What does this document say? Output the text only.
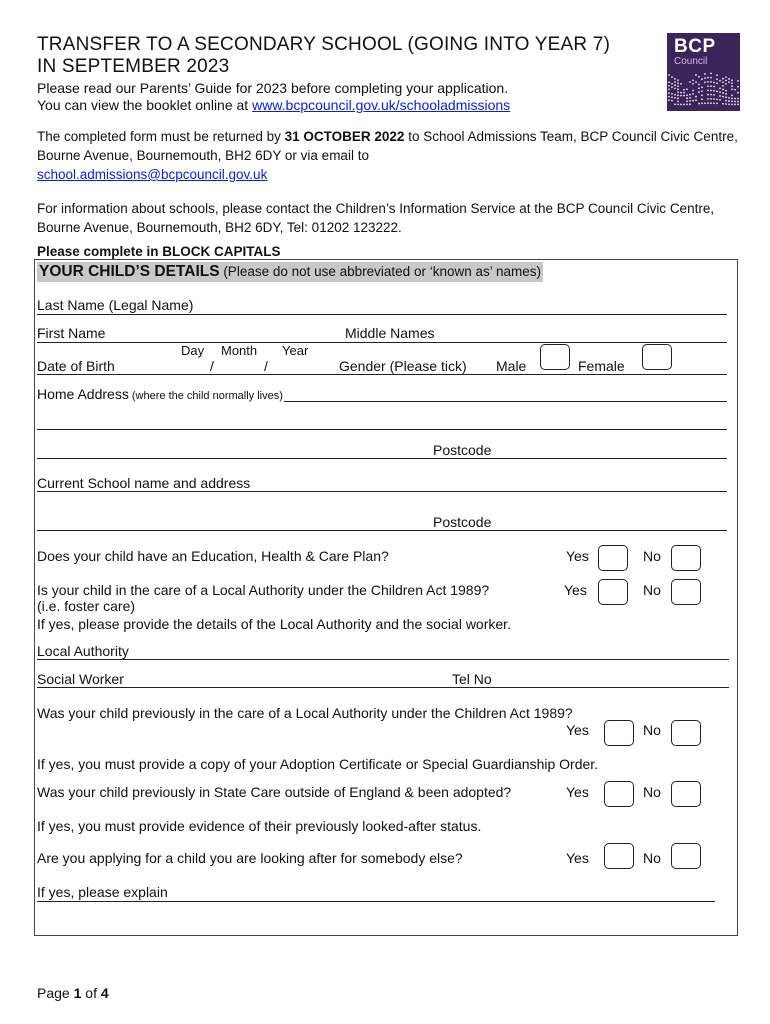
TRANSFER TO A SECONDARY SCHOOL (GOING INTO YEAR 7)
IN SEPTEMBER 2023
BCP
Council
Please read our Parents’ Guide for 2023 before completing your application.
You can view the booklet online at www.bcpcouncil.gov.uk/schooladmissions
The completed form must be returned by 31 OCTOBER 2022 to School Admissions Team, BCP Council Civic Centre, Bourne Avenue, Bournemouth, BH2 6DY or via email to
school.admissions@bcpcouncil.gov.uk
For information about schools, please contact the Children’s Information Service at the BCP Council Civic Centre, Bourne Avenue, Bournemouth, BH2 6DY, Tel: 01202 123222.
Please complete in BLOCK CAPITALS
YOUR CHILD’S DETAILS (Please do not use abbreviated or ‘known as’ names)
Last Name (Legal Name)
First Name	Middle Names
Day Month Year
Date of Birth	/	/	Gender (Please tick) Male	Female
Home Address (where the child normally lives)
Postcode
Current School name and address
Postcode
Does your child have an Education, Health & Care Plan?	Yes	No
Is your child in the care of a Local Authority under the Children Act 1989?	Yes	No
(i.e. foster care)
If yes, please provide the details of the Local Authority and the social worker.
Local Authority
Social Worker	Tel No
Was your child previously in the care of a Local Authority under the Children Act 1989?
Yes	No
If yes, you must provide a copy of your Adoption Certificate or Special Guardianship Order.
Was your child previously in State Care outside of England & been adopted?	Yes	No
If yes, you must provide evidence of their previously looked-after status.
Are you applying for a child you are looking after for somebody else?	Yes	No
If yes, please explain
Page 1 of 4
